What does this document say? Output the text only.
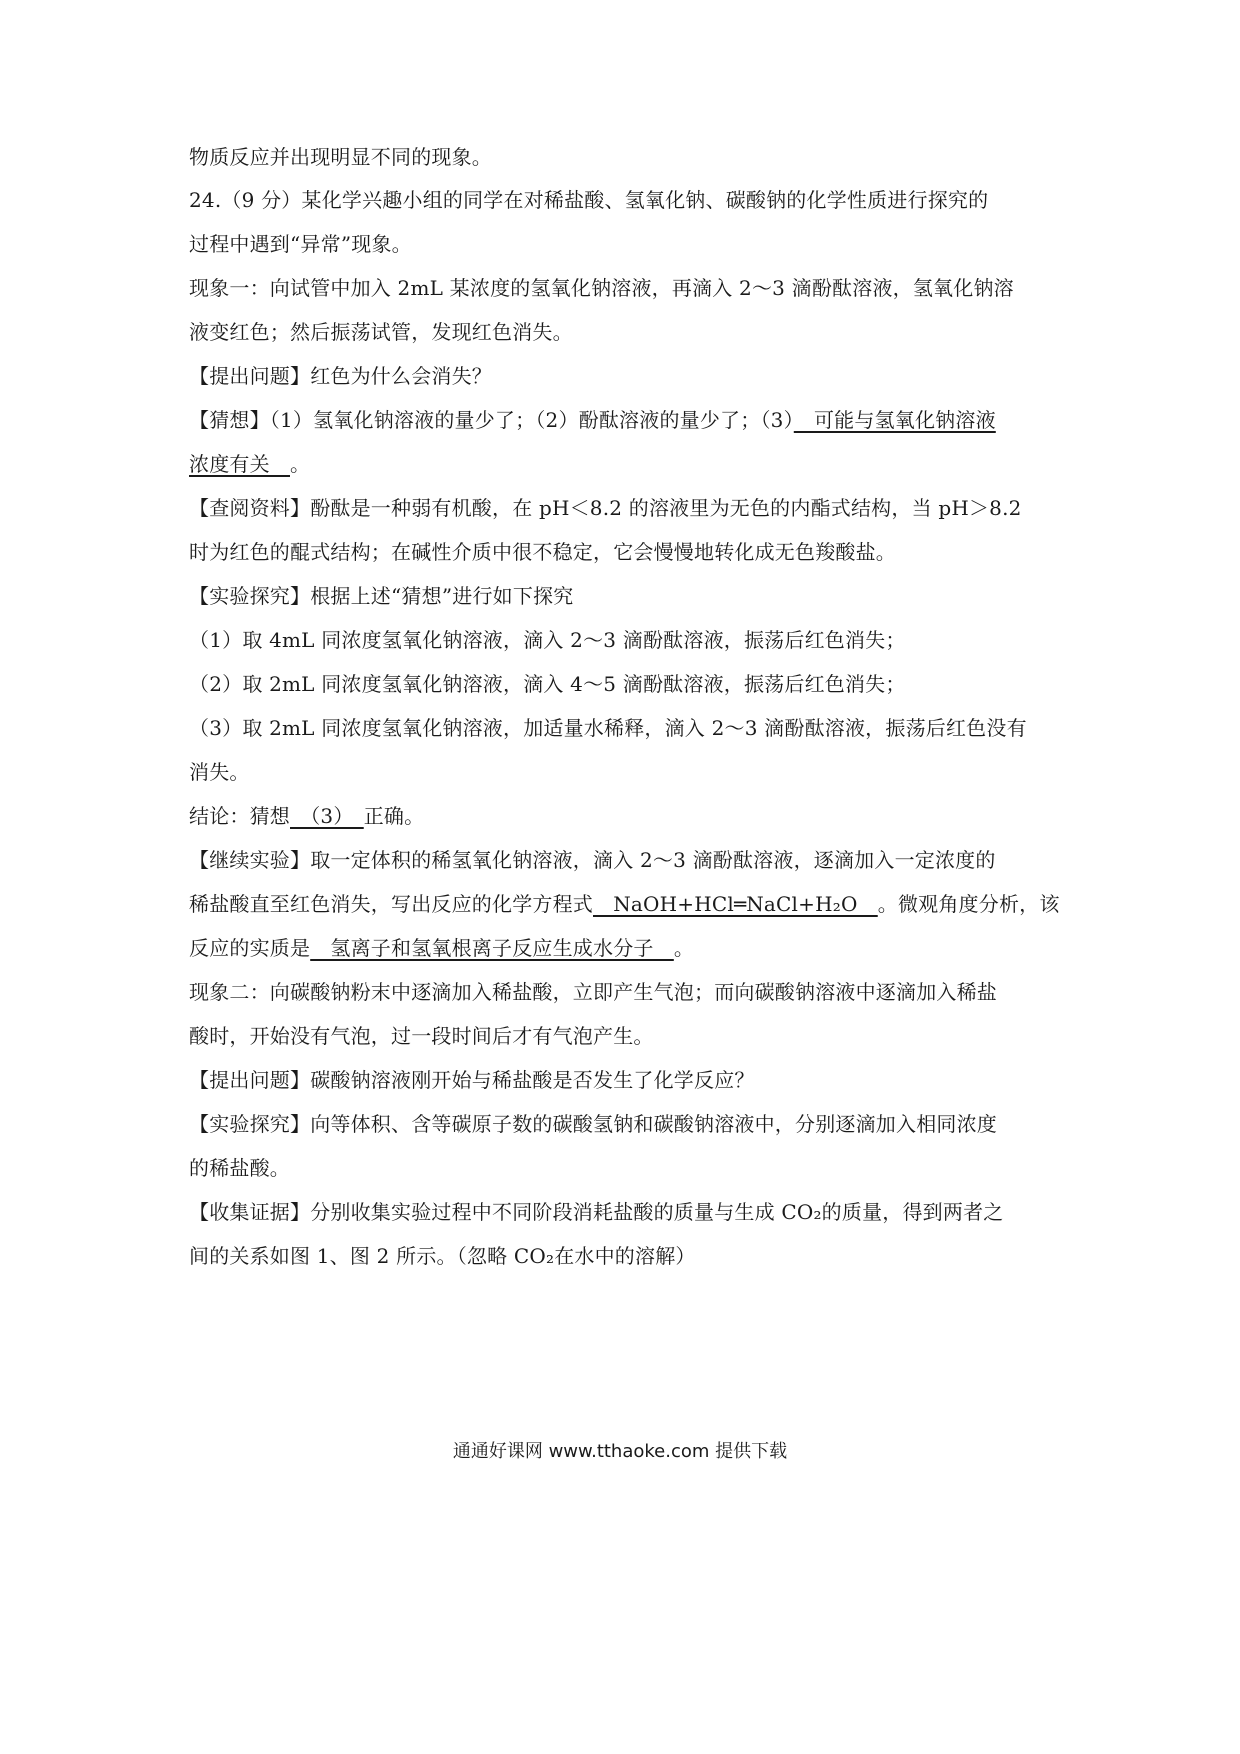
物质反应并出现明显不同的现象。
24.（9 分）某化学兴趣小组的同学在对稀盐酸、氢氧化钠、碳酸钠的化学性质进行探究的
过程中遇到“异常”现象。
现象一：向试管中加入 2mL 某浓度的氢氧化钠溶液，再滴入 2～3 滴酚酞溶液，氢氧化钠溶
液变红色；然后振荡试管，发现红色消失。
【提出问题】红色为什么会消失？
【猜想】（1）氢氧化钠溶液的量少了；（2）酚酞溶液的量少了；（3）　可能与氢氧化钠溶液
浓度有关　。
【查阅资料】酚酞是一种弱有机酸，在 pH＜8.2 的溶液里为无色的内酯式结构，当 pH＞8.2
时为红色的醌式结构；在碱性介质中很不稳定，它会慢慢地转化成无色羧酸盐。
【实验探究】根据上述“猜想”进行如下探究
（1）取 4mL 同浓度氢氧化钠溶液，滴入 2～3 滴酚酞溶液，振荡后红色消失；
（2）取 2mL 同浓度氢氧化钠溶液，滴入 4～5 滴酚酞溶液，振荡后红色消失；
（3）取 2mL 同浓度氢氧化钠溶液，加适量水稀释，滴入 2～3 滴酚酞溶液，振荡后红色没有
消失。
结论：猜想　（3）　正确。
【继续实验】取一定体积的稀氢氧化钠溶液，滴入 2～3 滴酚酞溶液，逐滴加入一定浓度的
稀盐酸直至红色消失，写出反应的化学方程式　NaOH+HCl═NaCl+H₂O　。微观角度分析，该
反应的实质是　氢离子和氢氧根离子反应生成水分子　。
现象二：向碳酸钠粉末中逐滴加入稀盐酸，立即产生气泡；而向碳酸钠溶液中逐滴加入稀盐
酸时，开始没有气泡，过一段时间后才有气泡产生。
【提出问题】碳酸钠溶液刚开始与稀盐酸是否发生了化学反应？
【实验探究】向等体积、含等碳原子数的碳酸氢钠和碳酸钠溶液中，分别逐滴加入相同浓度
的稀盐酸。
【收集证据】分别收集实验过程中不同阶段消耗盐酸的质量与生成 CO₂的质量，得到两者之
间的关系如图 1、图 2 所示。（忽略 CO₂在水中的溶解）
通通好课网 www.tthaoke.com 提供下载
